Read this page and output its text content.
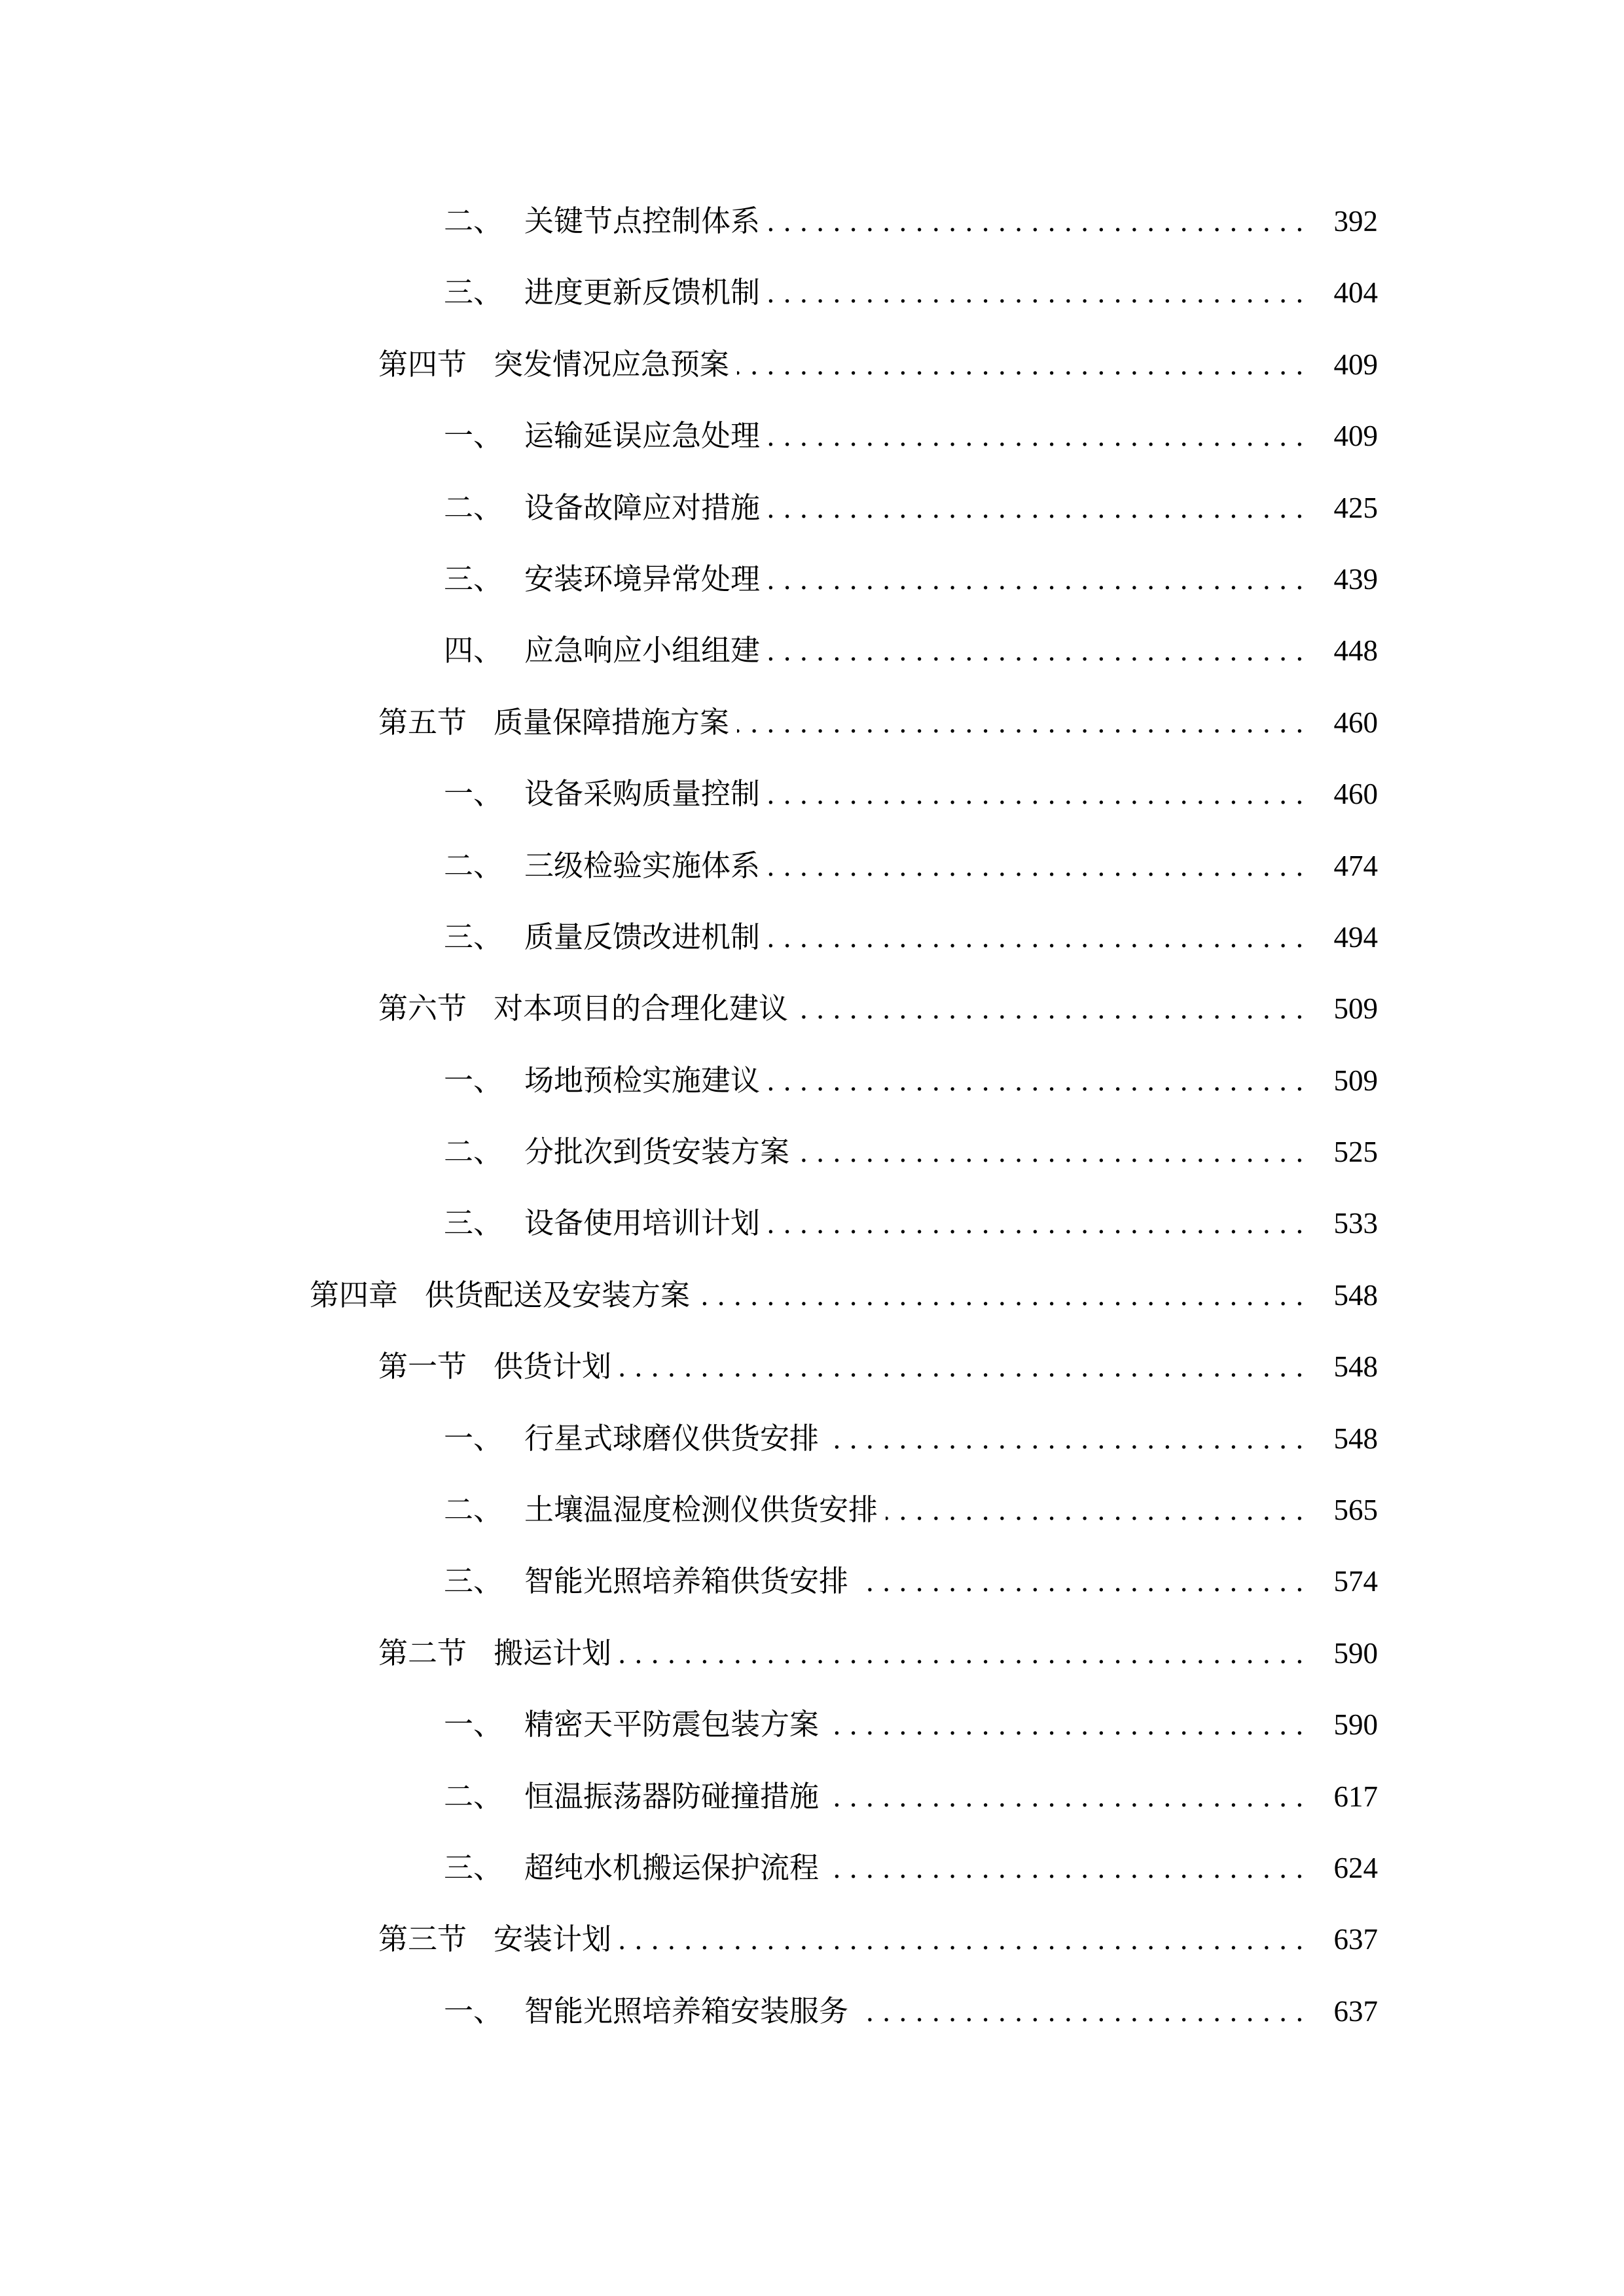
二、 关键节点控制体系 .....	392
三、 进度更新反馈机制 .....	404
第四节 突发情况应急预案 .....	409
一、 运输延误应急处理 .....	409
二、 设备故障应对措施 .....	425
三、 安装环境异常处理 .....	439
四、 应急响应小组组建 .....	448
第五节 质量保障措施方案 .....	460
一、 设备采购质量控制 .....	460
二、 三级检验实施体系 .....	474
三、 质量反馈改进机制 .....	494
第六节 对本项目的合理化建议 .....	509
一、 场地预检实施建议 .....	509
二、 分批次到货安装方案 .....	525
三、 设备使用培训计划 .....	533
第四章 供货配送及安装方案 .....	548
第一节 供货计划 .....	548
一、 行星式球磨仪供货安排 .....	548
二、 土壤温湿度检测仪供货安排 .....	565
三、 智能光照培养箱供货安排 .....	574
第二节 搬运计划 .....	590
一、 精密天平防震包装方案 .....	590
二、 恒温振荡器防碰撞措施 .....	617
三、 超纯水机搬运保护流程 .....	624
第三节 安装计划 .....	637
一、 智能光照培养箱安装服务 .....	637
